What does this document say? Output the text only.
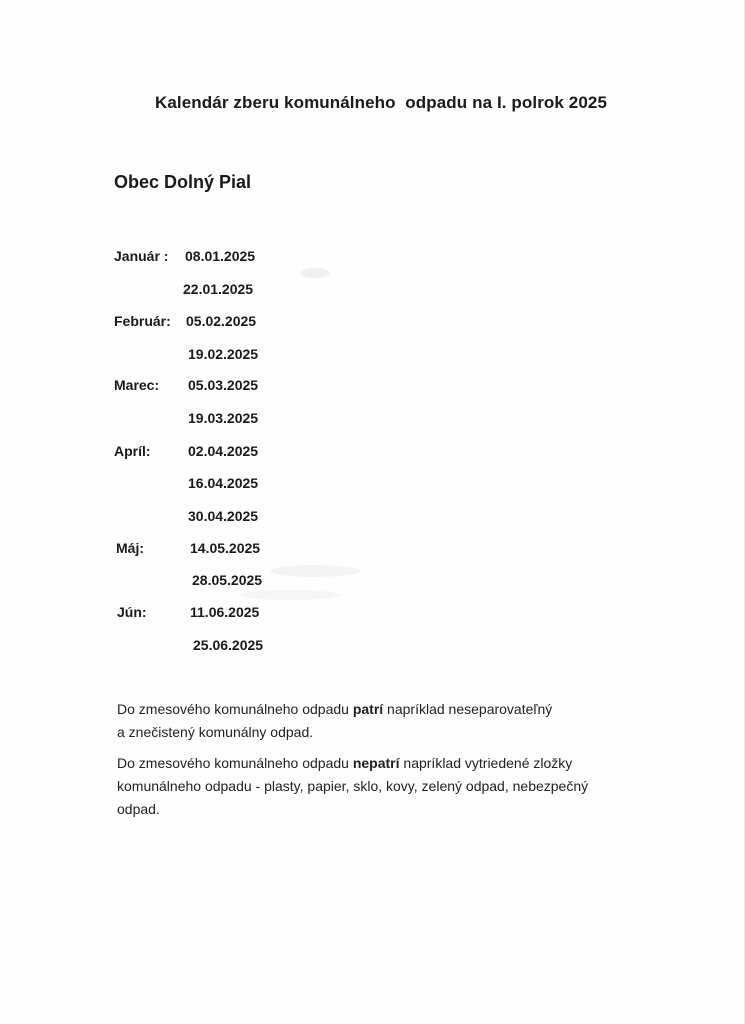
Kalendár zberu komunálneho  odpadu na I. polrok 2025
Obec Dolný Pial
Január : 08.01.2025
22.01.2025
Február: 05.02.2025
19.02.2025
Marec: 05.03.2025
19.03.2025
Apríl:	02.04.2025
16.04.2025
30.04.2025
Máj:	14.05.2025
28.05.2025
Jún:	11.06.2025
25.06.2025
Do zmesového komunálneho odpadu patrí napríklad neseparovateľný
a znečistený komunálny odpad.
Do zmesového komunálneho odpadu nepatrí napríklad vytriedené zložky
komunálneho odpadu - plasty, papier, sklo, kovy, zelený odpad, nebezpečný
odpad.
